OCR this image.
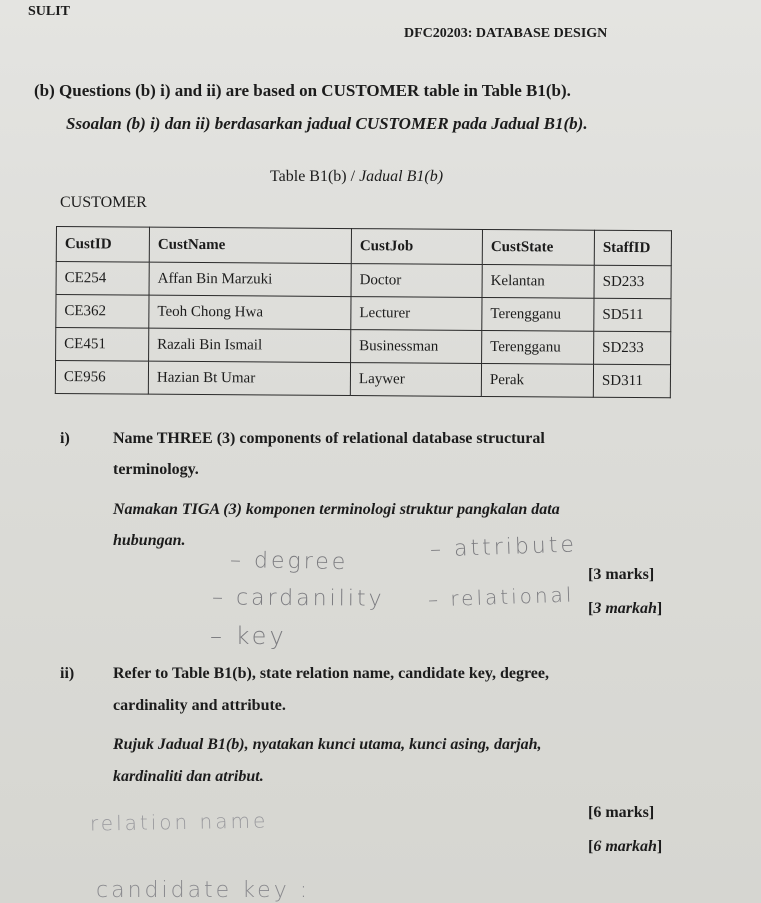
SULIT
DFC20203: DATABASE DESIGN
(b) Questions (b) i) and ii) are based on CUSTOMER table in Table B1(b).
Ssoalan (b) i) dan ii) berdasarkan jadual CUSTOMER pada Jadual B1(b).
Table B1(b) / Jadual B1(b)
CUSTOMER
CustID	CustName	CustJob	CustState	StaffID
CE254	Affan Bin Marzuki	Doctor	Kelantan	SD233
CE362	Teoh Chong Hwa	Lecturer	Terengganu	SD511
CE451	Razali Bin Ismail	Businessman	Terengganu	SD233
CE956	Hazian Bt Umar	Laywer	Perak	SD311
i)	Name THREE (3) components of relational database structural
terminology.
Namakan TIGA (3) komponen terminologi struktur pangkalan data
hubungan.
[3 marks]
[3 markah]
– degree	– attribute
– cardanility – relational
– key
ii) Refer to Table B1(b), state relation name, candidate key, degree,
cardinality and attribute.
Rujuk Jadual B1(b), nyatakan kunci utama, kunci asing, darjah,
kardinaliti dan atribut.
[6 marks]
[6 markah]
relation name
candidate key :
